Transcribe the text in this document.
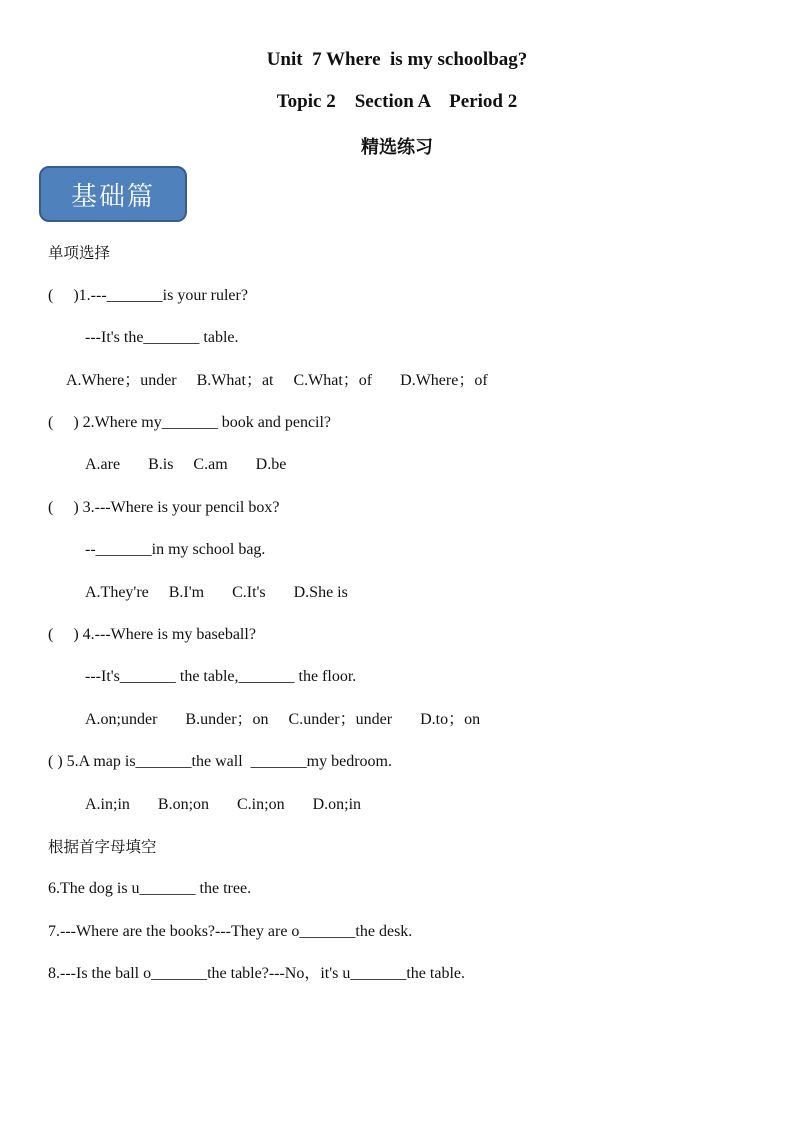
Unit  7 Where  is my schoolbag?
Topic 2    Section A    Period 2
精选练习
基础篇
单项选择
(     )1.---_______is your ruler?
---It's the_______ table.
A.Where；under     B.What；at     C.What；of       D.Where；of
(     ) 2.Where my_______ book and pencil?
A.are       B.is     C.am       D.be
(     ) 3.---Where is your pencil box?
--_______in my school bag.
A.They're     B.I'm       C.It's       D.She is
(     ) 4.---Where is my baseball?
---It's_______ the table,_______ the floor.
A.on;under       B.under；on     C.under；under       D.to；on
( ) 5.A map is_______the wall  _______my bedroom.
A.in;in       B.on;on       C.in;on       D.on;in
根据首字母填空
6.The dog is u_______ the tree.
7.---Where are the books?---They are o_______the desk.
8.---Is the ball o_______the table?---No，it's u_______the table.
